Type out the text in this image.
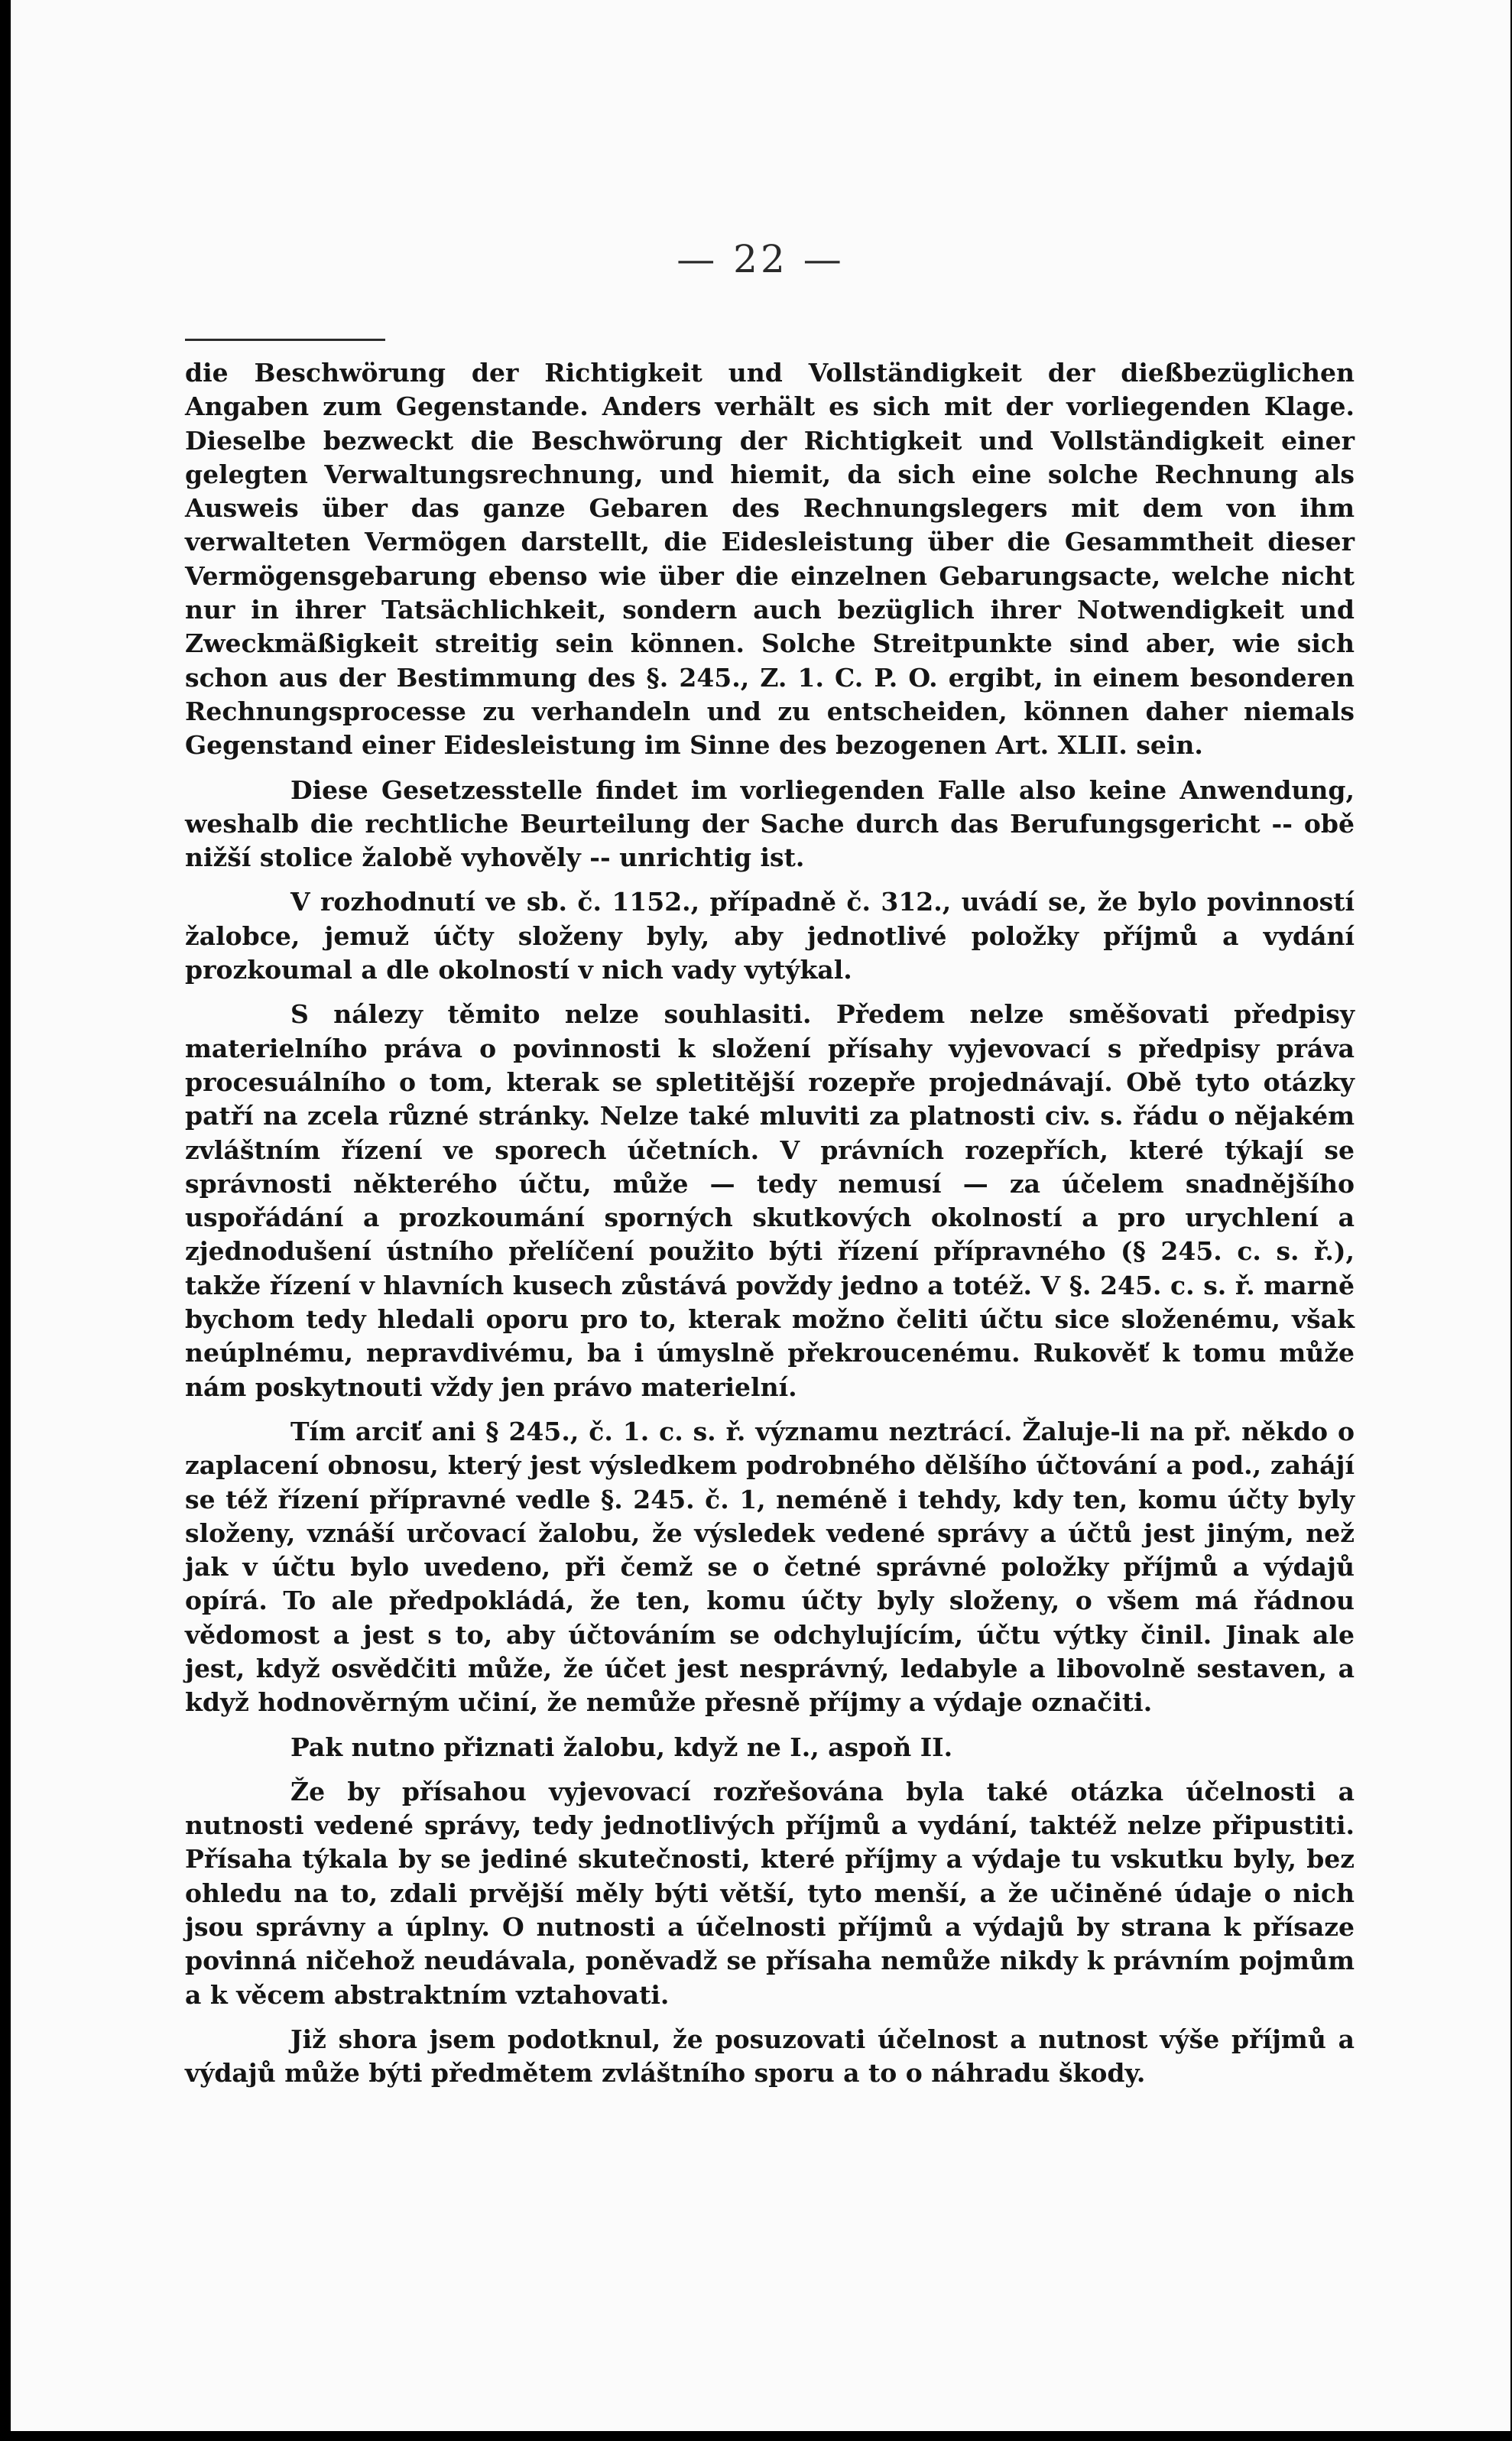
— 22 —

die Beschwörung der Richtigkeit und Vollständigkeit der dießbezüglichen Angaben zum Gegenstande. Anders verhält es sich mit der vorliegenden Klage. Dieselbe bezweckt die Beschwörung der Richtigkeit und Vollständigkeit einer gelegten Verwaltungsrechnung, und hiemit, da sich eine solche Rechnung als Ausweis über das ganze Gebaren des Rechnungslegers mit dem von ihm verwalteten Vermögen darstellt, die Eidesleistung über die Gesammtheit dieser Vermögensgebarung ebenso wie über die einzelnen Gebarungsacte, welche nicht nur in ihrer Tatsächlichkeit, sondern auch bezüglich ihrer Notwendigkeit und Zweckmäßigkeit streitig sein können. Solche Streitpunkte sind aber, wie sich schon aus der Bestimmung des §. 245., Z. 1. C. P. O. ergibt, in einem besonderen Rechnungsprocesse zu verhandeln und zu entscheiden, können daher niemals Gegenstand einer Eidesleistung im Sinne des bezogenen Art. XLII. sein.

Diese Gesetzesstelle findet im vorliegenden Falle also keine Anwendung, weshalb die rechtliche Beurteilung der Sache durch das Berufungsgericht -- obě nižší stolice žalobě vyhověly -- unrichtig ist.

V rozhodnutí ve sb. č. 1152., případně č. 312., uvádí se, že bylo povinností žalobce, jemuž účty složeny byly, aby jednotlivé položky příjmů a vydání prozkoumal a dle okolností v nich vady vytýkal.

S nálezy těmito nelze souhlasiti. Předem nelze směšovati předpisy materielního práva o povinnosti k složení přísahy vyjevovací s předpisy práva procesuálního o tom, kterak se spletitější rozepře projednávají. Obě tyto otázky patří na zcela různé stránky. Nelze také mluviti za platnosti civ. s. řádu o nějakém zvláštním řízení ve sporech účetních. V právních rozepřích, které týkají se správnosti některého účtu, může — tedy nemusí — za účelem snadnějšího uspořádání a prozkoumání sporných skutkových okolností a pro urychlení a zjednodušení ústního přelíčení použito býti řízení přípravného (§ 245. c. s. ř.), takže řízení v hlavních kusech zůstává povždy jedno a totéž. V §. 245. c. s. ř. marně bychom tedy hledali oporu pro to, kterak možno čeliti účtu sice složenému, však neúplnému, nepravdivému, ba i úmyslně překroucenému. Rukověť k tomu může nám poskytnouti vždy jen právo materielní.

Tím arciť ani § 245., č. 1. c. s. ř. významu neztrácí. Žaluje-li na př. někdo o zaplacení obnosu, který jest výsledkem podrobného dělšího účtování a pod., zahájí se též řízení přípravné vedle §. 245. č. 1, neméně i tehdy, kdy ten, komu účty byly složeny, vznáší určovací žalobu, že výsledek vedené správy a účtů jest jiným, než jak v účtu bylo uvedeno, při čemž se o četné správné položky příjmů a výdajů opírá. To ale předpokládá, že ten, komu účty byly složeny, o všem má řádnou vědomost a jest s to, aby účtováním se odchylujícím, účtu výtky činil. Jinak ale jest, když osvědčiti může, že účet jest nesprávný, ledabyle a libovolně sestaven, a když hodnověrným učiní, že nemůže přesně příjmy a výdaje označiti.

Pak nutno přiznati žalobu, když ne I., aspoň II.

Že by přísahou vyjevovací rozřešována byla také otázka účelnosti a nutnosti vedené správy, tedy jednotlivých příjmů a vydání, taktéž nelze připustiti. Přísaha týkala by se jediné skutečnosti, které příjmy a výdaje tu vskutku byly, bez ohledu na to, zdali prvější měly býti větší, tyto menší, a že učiněné údaje o nich jsou správny a úplny. O nutnosti a účelnosti příjmů a výdajů by strana k přísaze povinná ničehož neudávala, poněvadž se přísaha nemůže nikdy k právním pojmům a k věcem abstraktním vztahovati.

Již shora jsem podotknul, že posuzovati účelnost a nutnost výše příjmů a výdajů může býti předmětem zvláštního sporu a to o náhradu škody.
